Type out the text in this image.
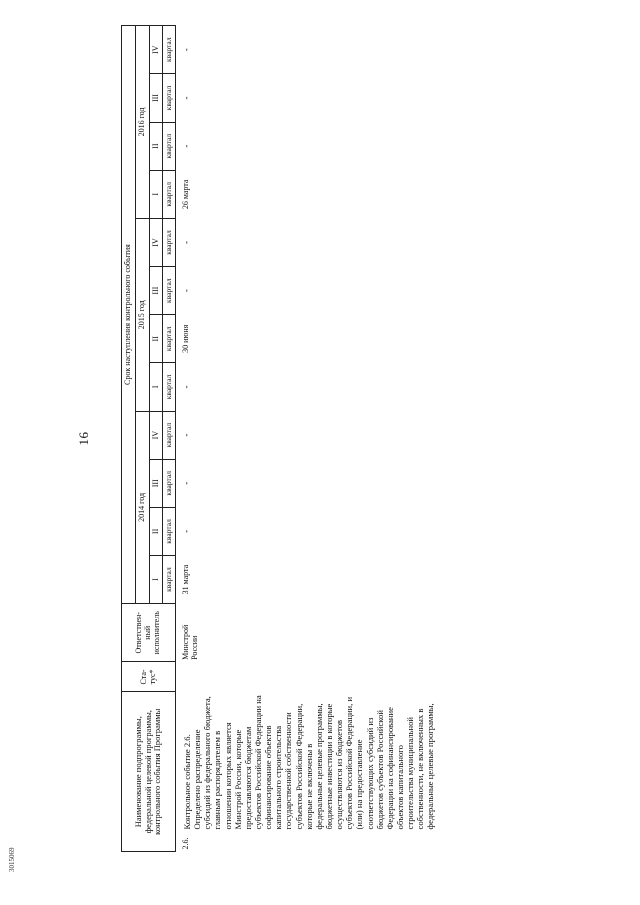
16
Наименование подпрограммы, федеральной целевой программы, контрольного события Программы		Ста-тус*	Ответствен-ный исполнитель	Срок наступления контрольного события											
				2014 год				2015 год				2016 год			
				I	II	III	IV	I	II	III	IV	I	II	III	IV
				квартал	квартал	квартал	квартал	квартал	квартал	квартал	квартал	квартал	квартал	квартал	квартал
2.6.	Контрольное событие 2.6. Определено распределение субсидий из федерального бюджета, главным распорядителем в отношении которых является Минстрой России, которые предоставляются бюджетам субъектов Российской Федерации на софинансирование объектов капитального строительства государственной собственности субъектов Российской Федерации, которые не включены в федеральные целевые программы, бюджетные инвестиции в которые осуществляются из бюджетов субъектов Российской Федерации, и (или) на предоставление соответствующих субсидий из бюджетов субъектов Российской Федерации на софинансирование объектов капитального строительства муниципальной собственности, не включенных в федеральные целевые программы,		Минстрой России	31 марта	-	-	-	-	30 июня	-	-	26 марта	-	-	-
3015069
